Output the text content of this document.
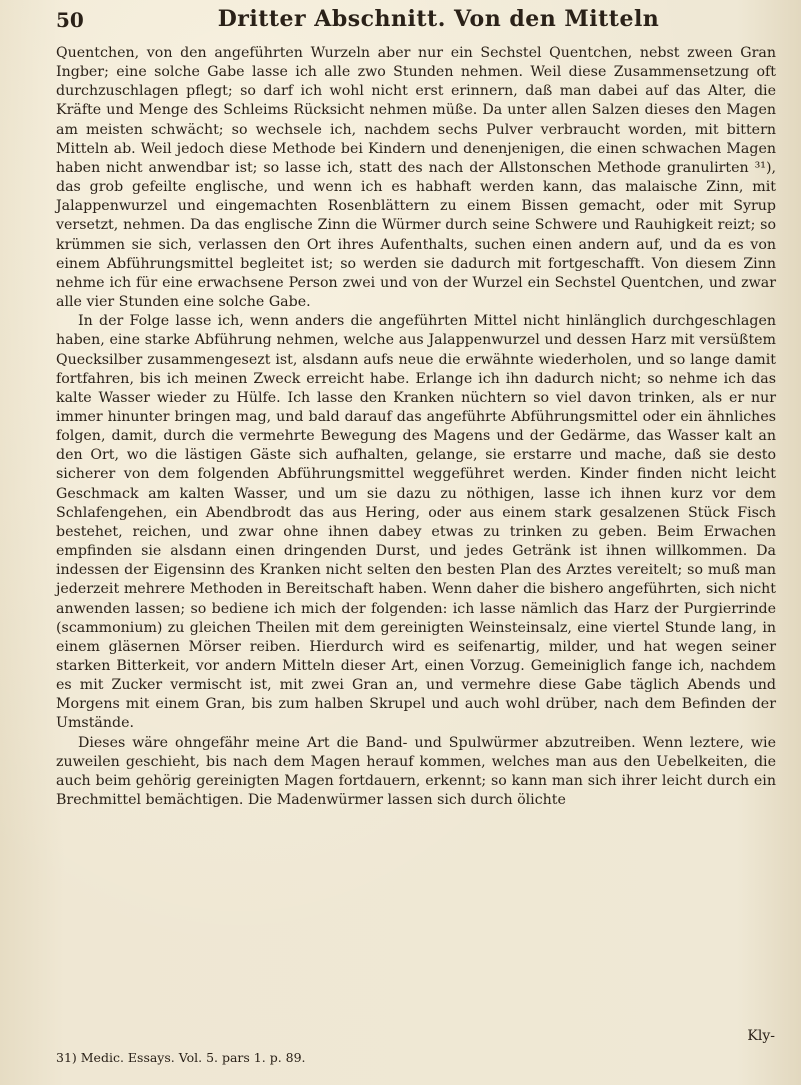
50	Dritter Abschnitt. Von den Mitteln

Quentchen, von den angeführten Wurzeln aber nur ein Sechstel Quentchen, nebst zween Gran Ingber; eine solche Gabe lasse ich alle zwo Stunden nehmen. Weil diese Zusammensetzung oft durchzuschlagen pflegt; so darf ich wohl nicht erst erinnern, daß man dabei auf das Alter, die Kräfte und Menge des Schleims Rücksicht nehmen müße. Da unter allen Salzen dieses den Magen am meisten schwächt; so wechsele ich, nachdem sechs Pulver verbraucht worden, mit bittern Mitteln ab. Weil jedoch diese Methode bei Kindern und denenjenigen, die einen schwachen Magen haben nicht anwendbar ist; so lasse ich, statt des nach der Allstonschen Methode granulirten ³¹), das grob gefeilte englische, und wenn ich es habhaft werden kann, das malaische Zinn, mit Jalappenwurzel und eingemachten Rosenblättern zu einem Bissen gemacht, oder mit Syrup versetzt, nehmen. Da das englische Zinn die Würmer durch seine Schwere und Rauhigkeit reizt; so krümmen sie sich, verlassen den Ort ihres Aufenthalts, suchen einen andern auf, und da es von einem Abführungsmittel begleitet ist; so werden sie dadurch mit fortgeschafft. Von diesem Zinn nehme ich für eine erwachsene Person zwei und von der Wurzel ein Sechstel Quentchen, und zwar alle vier Stunden eine solche Gabe.

In der Folge lasse ich, wenn anders die angeführten Mittel nicht hinlänglich durchgeschlagen haben, eine starke Abführung nehmen, welche aus Jalappenwurzel und dessen Harz mit versüßtem Quecksilber zusammengesezt ist, alsdann aufs neue die erwähnte wiederholen, und so lange damit fortfahren, bis ich meinen Zweck erreicht habe. Erlange ich ihn dadurch nicht; so nehme ich das kalte Wasser wieder zu Hülfe. Ich lasse den Kranken nüchtern so viel davon trinken, als er nur immer hinunter bringen mag, und bald darauf das angeführte Abführungsmittel oder ein ähnliches folgen, damit, durch die vermehrte Bewegung des Magens und der Gedärme, das Wasser kalt an den Ort, wo die lästigen Gäste sich aufhalten, gelange, sie erstarre und mache, daß sie desto sicherer von dem folgenden Abführungsmittel weggeführet werden. Kinder finden nicht leicht Geschmack am kalten Wasser, und um sie dazu zu nöthigen, lasse ich ihnen kurz vor dem Schlafengehen, ein Abendbrodt das aus Hering, oder aus einem stark gesalzenen Stück Fisch bestehet, reichen, und zwar ohne ihnen dabey etwas zu trinken zu geben. Beim Erwachen empfinden sie alsdann einen dringenden Durst, und jedes Getränk ist ihnen willkommen. Da indessen der Eigensinn des Kranken nicht selten den besten Plan des Arztes vereitelt; so muß man jederzeit mehrere Methoden in Bereitschaft haben. Wenn daher die bishero angeführten, sich nicht anwenden lassen; so bediene ich mich der folgenden: ich lasse nämlich das Harz der Purgierrinde (scammonium) zu gleichen Theilen mit dem gereinigten Weinsteinsalz, eine viertel Stunde lang, in einem gläsernen Mörser reiben. Hierdurch wird es seifenartig, milder, und hat wegen seiner starken Bitterkeit, vor andern Mitteln dieser Art, einen Vorzug. Gemeiniglich fange ich, nachdem es mit Zucker vermischt ist, mit zwei Gran an, und vermehre diese Gabe täglich Abends und Morgens mit einem Gran, bis zum halben Skrupel und auch wohl drüber, nach dem Befinden der Umstände.

Dieses wäre ohngefähr meine Art die Band- und Spulwürmer abzutreiben. Wenn leztere, wie zuweilen geschieht, bis nach dem Magen herauf kommen, welches man aus den Uebelkeiten, die auch beim gehörig gereinigten Magen fortdauern, erkennt; so kann man sich ihrer leicht durch ein Brechmittel bemächtigen. Die Madenwürmer lassen sich durch ölichte

Kly-
31) Medic. Essays. Vol. 5. pars 1. p. 89.
